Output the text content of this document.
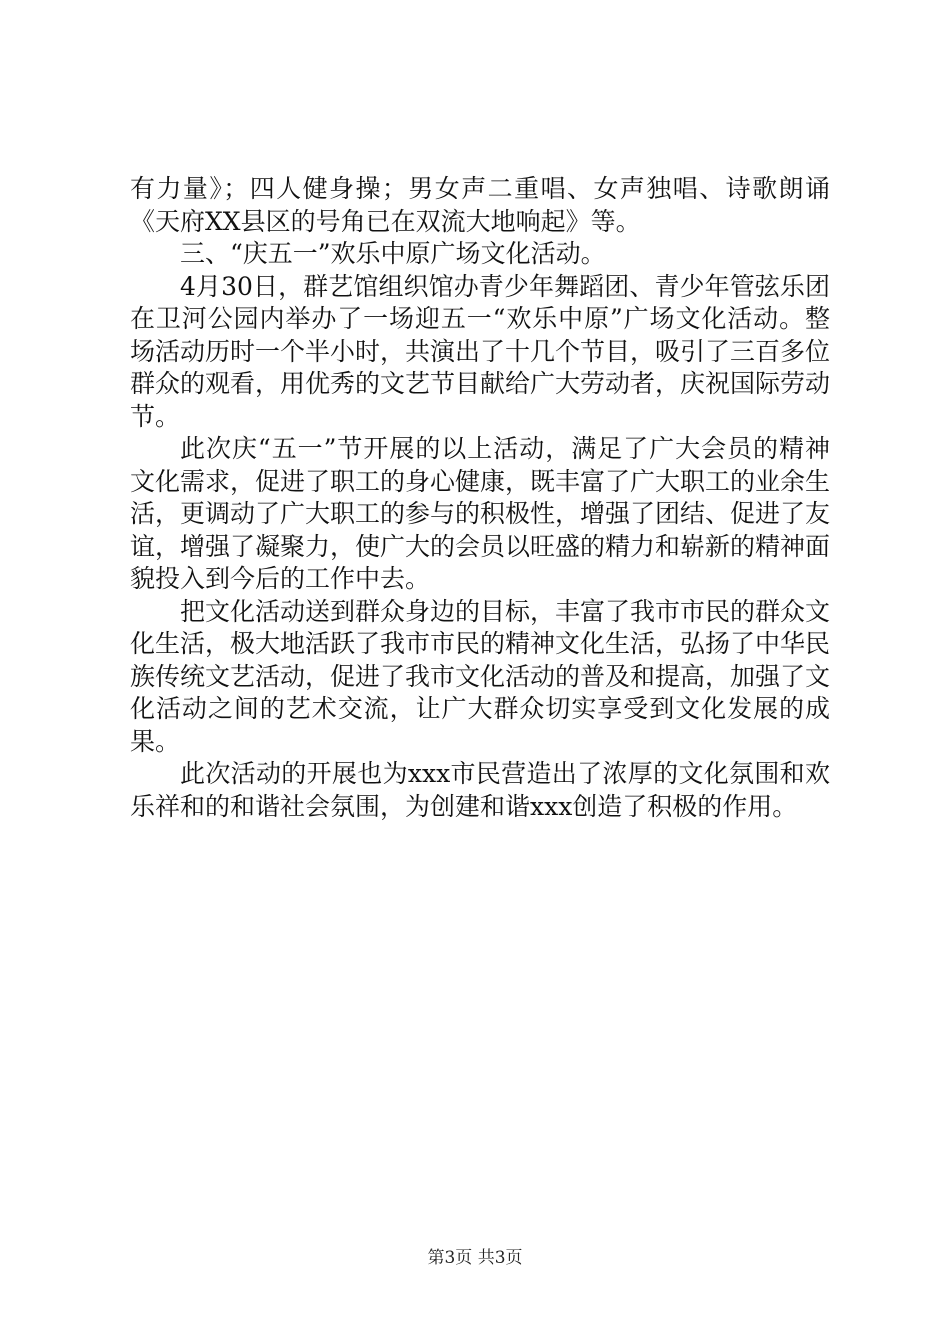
有力量》；四人健身操；男女声二重唱、女声独唱、诗歌朗诵《天府XX县区的号角已在双流大地响起》等。

三、“庆五一”欢乐中原广场文化活动。

4月30日，群艺馆组织馆办青少年舞蹈团、青少年管弦乐团在卫河公园内举办了一场迎五一“欢乐中原”广场文化活动。整场活动历时一个半小时，共演出了十几个节目，吸引了三百多位群众的观看，用优秀的文艺节目献给广大劳动者，庆祝国际劳动节。

此次庆“五一”节开展的以上活动，满足了广大会员的精神文化需求，促进了职工的身心健康，既丰富了广大职工的业余生活，更调动了广大职工的参与的积极性，增强了团结、促进了友谊，增强了凝聚力，使广大的会员以旺盛的精力和崭新的精神面貌投入到今后的工作中去。

把文化活动送到群众身边的目标，丰富了我市市民的群众文化生活，极大地活跃了我市市民的精神文化生活，弘扬了中华民族传统文艺活动，促进了我市文化活动的普及和提高，加强了文化活动之间的艺术交流，让广大群众切实享受到文化发展的成果。

此次活动的开展也为xxx市民营造出了浓厚的文化氛围和欢乐祥和的和谐社会氛围，为创建和谐xxx创造了积极的作用。

第3页 共3页
